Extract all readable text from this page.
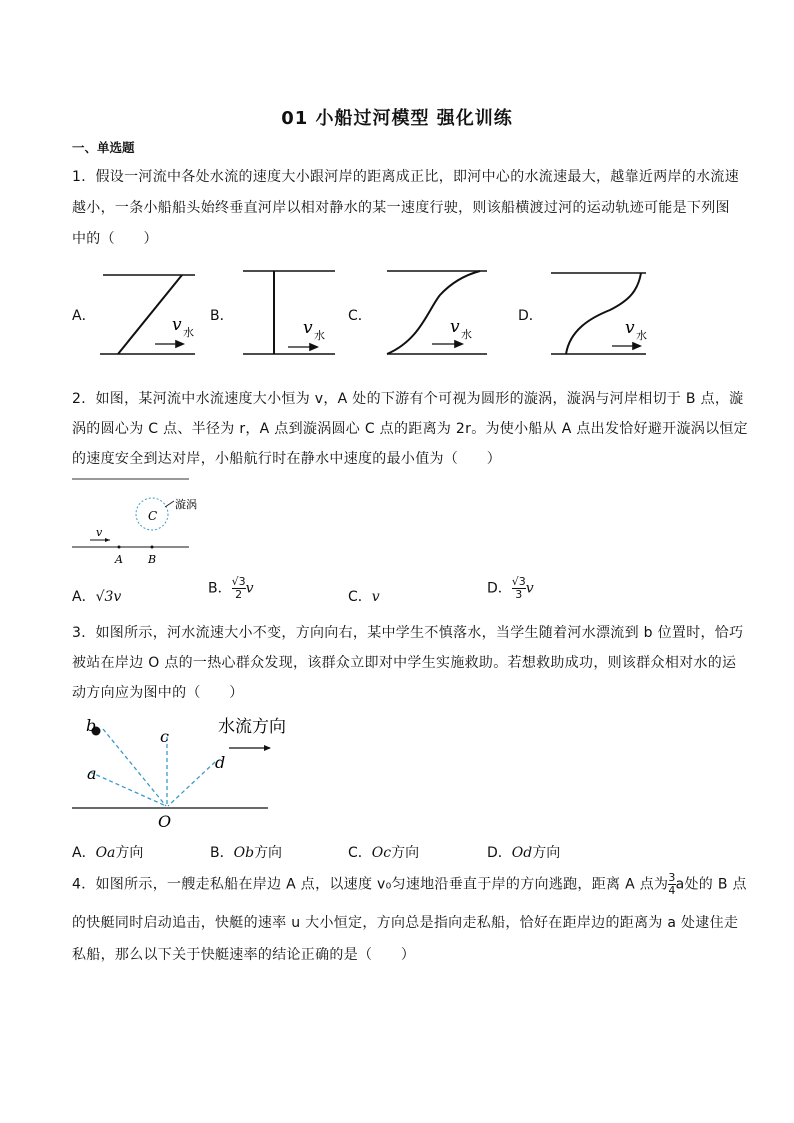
01 小船过河模型 强化训练
一、单选题
1．假设一河流中各处水流的速度大小跟河岸的距离成正比，即河中心的水流速最大，越靠近两岸的水流速
越小，一条小船船头始终垂直河岸以相对静水的某一速度行驶，则该船横渡过河的运动轨迹可能是下列图
中的（　　）
A．	B．	C．	D．
v 水	v 水	v 水	v 水
漩涡
C
v
A B
b
a
c
d
O
水流方向
2．如图，某河流中水流速度大小恒为 v，A 处的下游有个可视为圆形的漩涡，漩涡与河岸相切于 B 点，漩
涡的圆心为 C 点、半径为 r，A 点到漩涡圆心 C 点的距离为 2r。为使小船从 A 点出发恰好避开漩涡以恒定
的速度安全到达对岸，小船航行时在静水中速度的最小值为（　　）
A．√3v
B． $\frac{√3}{2}$ v
C．v
D． $\frac{√3}{3}$ v
3．如图所示，河水流速大小不变，方向向右，某中学生不慎落水，当学生随着河水漂流到 b 位置时，恰巧
被站在岸边 O 点的一热心群众发现，该群众立即对中学生实施救助。若想救助成功，则该群众相对水的运
动方向应为图中的（　　）
A．Oa方向	B．Ob方向	C．Oc方向	D．Od方向
4．如图所示，一艘走私船在岸边 A 点，以速度 v₀匀速地沿垂直于岸的方向逃跑，距离 A 点为 $\frac{3}{4}$ a处的 B 点
的快艇同时启动追击，快艇的速率 u 大小恒定，方向总是指向走私船，恰好在距岸边的距离为 a 处逮住走
私船，那么以下关于快艇速率的结论正确的是（　　）
